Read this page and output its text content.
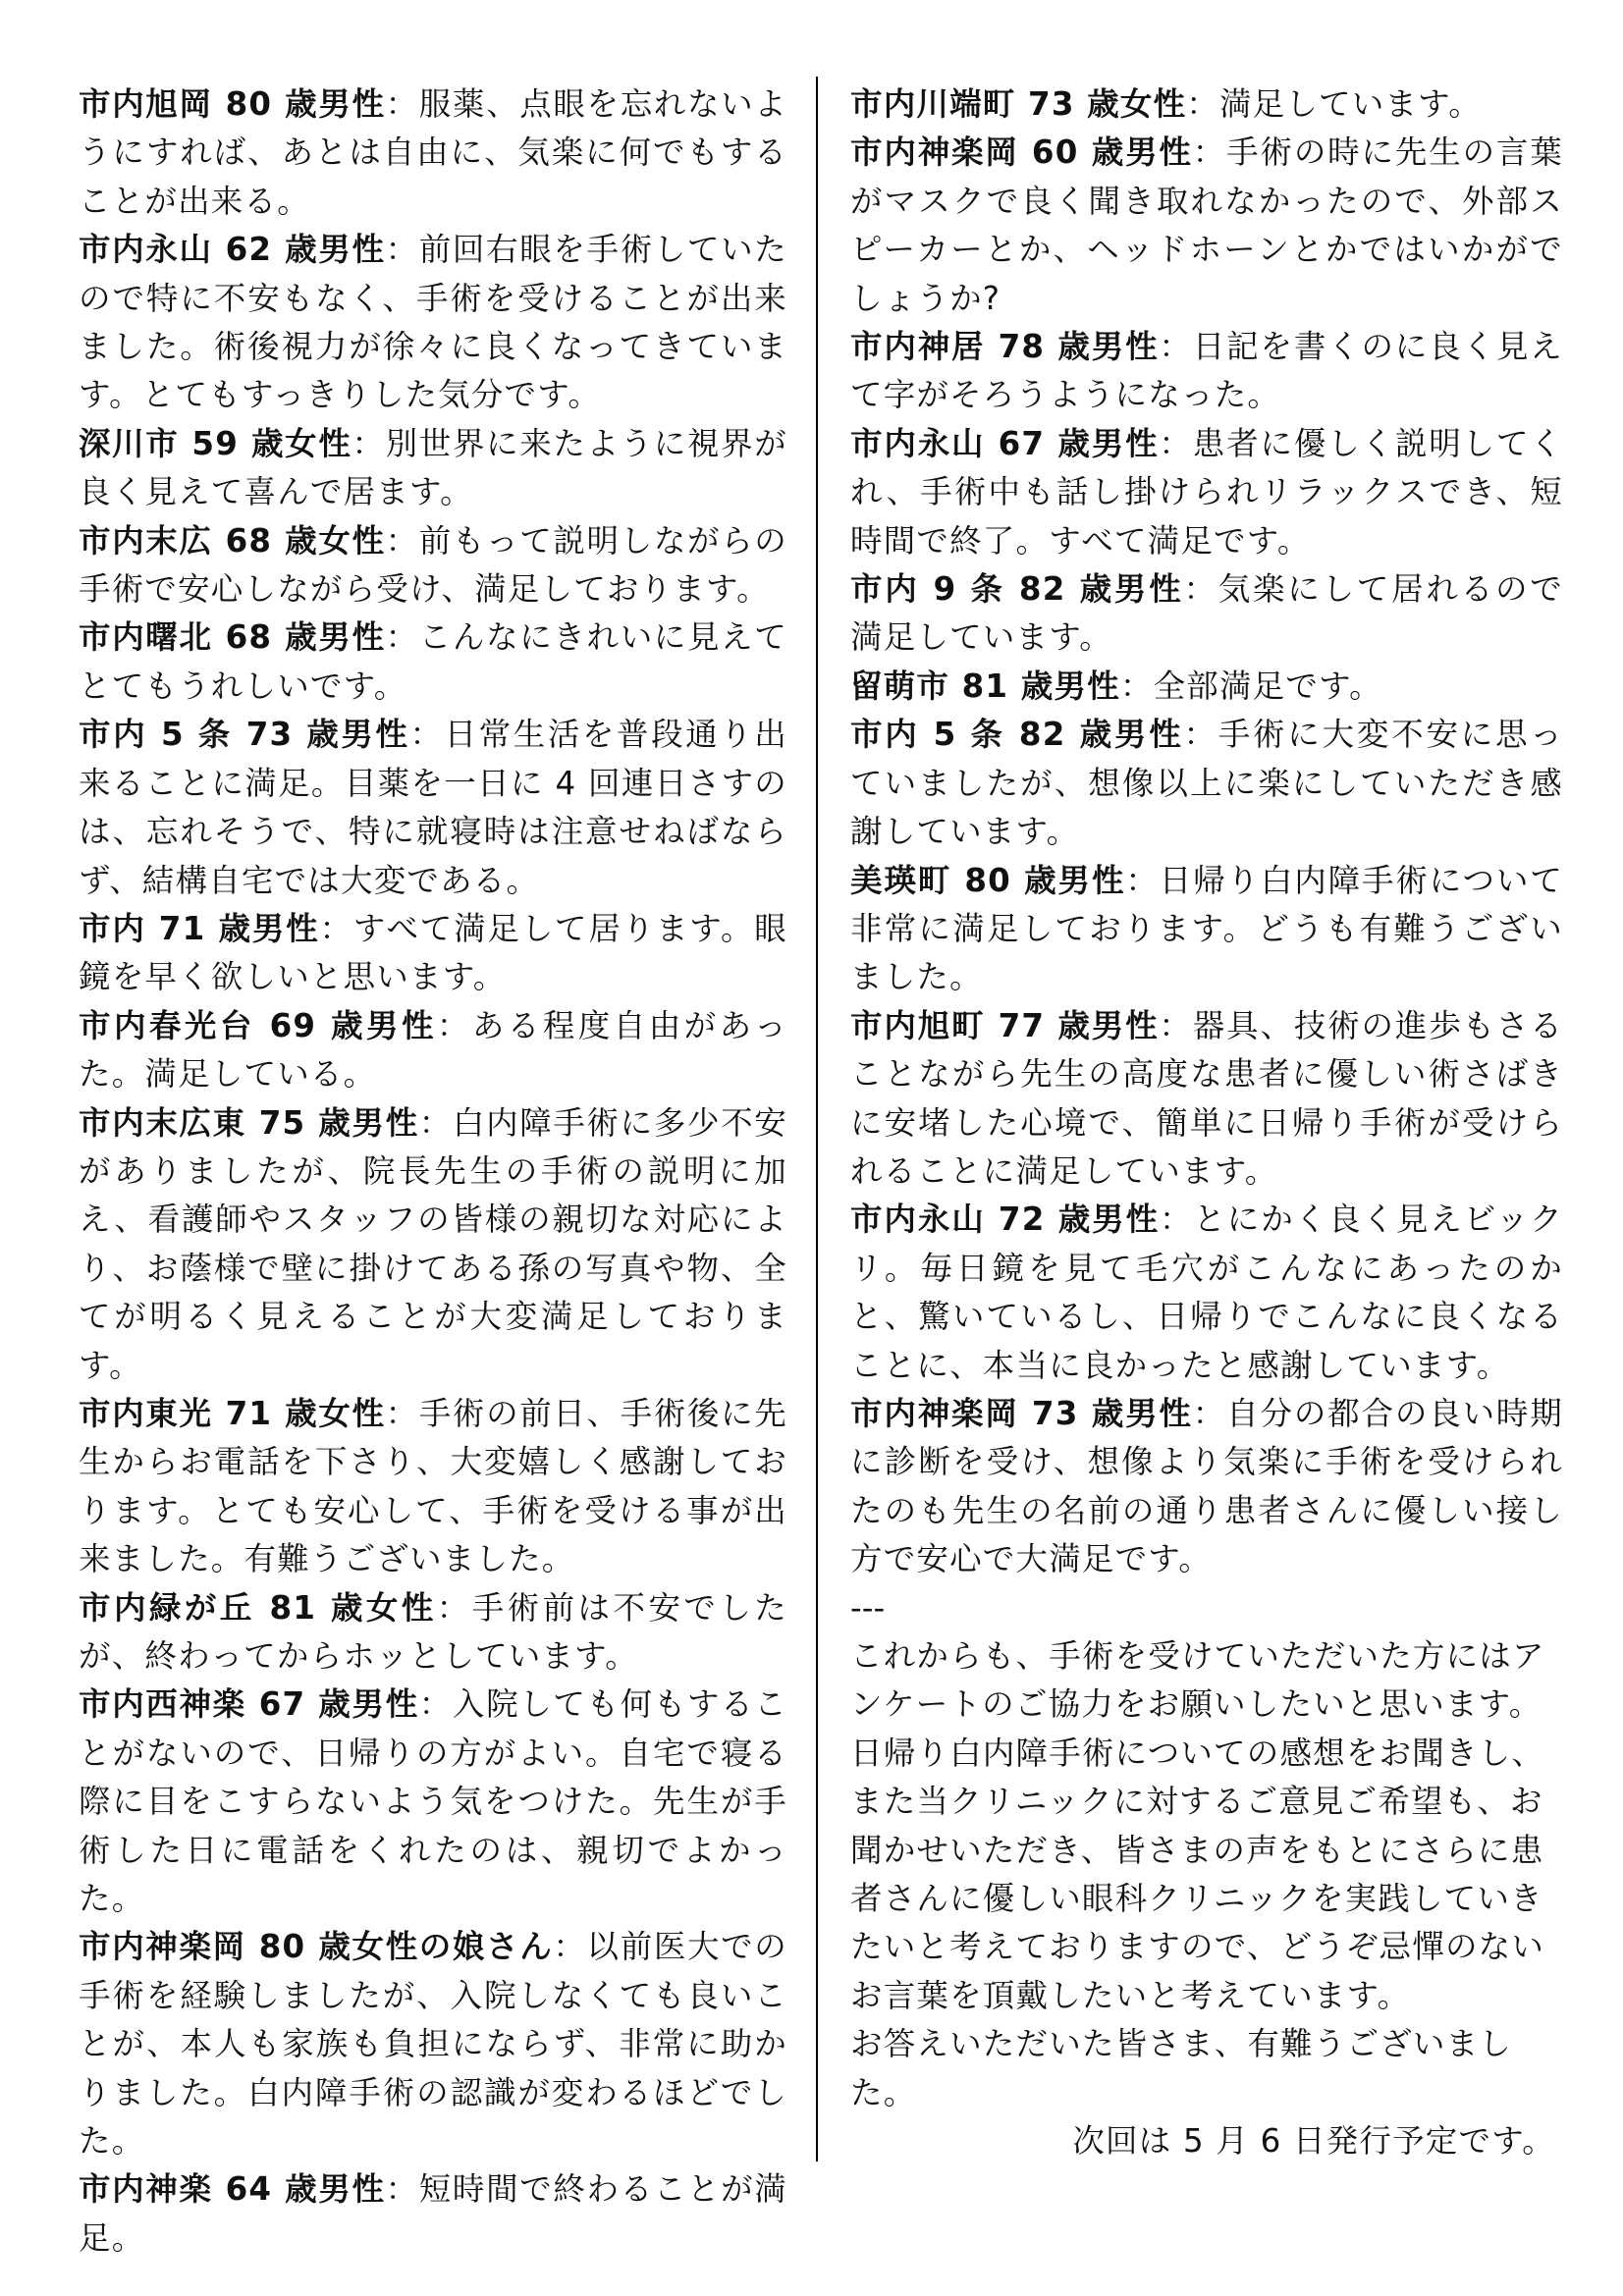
市内旭岡 80 歳男性：服薬、点眼を忘れないようにすれば、あとは自由に、気楽に何でもすることが出来る。

市内永山 62 歳男性：前回右眼を手術していたので特に不安もなく、手術を受けることが出来ました。術後視力が徐々に良くなってきています。とてもすっきりした気分です。

深川市 59 歳女性：別世界に来たように視界が良く見えて喜んで居ます。

市内末広 68 歳女性：前もって説明しながらの手術で安心しながら受け、満足しております。

市内曙北 68 歳男性：こんなにきれいに見えてとてもうれしいです。

市内 5 条 73 歳男性：日常生活を普段通り出来ることに満足。目薬を一日に 4 回連日さすのは、忘れそうで、特に就寝時は注意せねばならず、結構自宅では大変である。

市内 71 歳男性：すべて満足して居ります。眼鏡を早く欲しいと思います。

市内春光台 69 歳男性：ある程度自由があった。満足している。

市内末広東 75 歳男性：白内障手術に多少不安がありましたが、院長先生の手術の説明に加え、看護師やスタッフの皆様の親切な対応により、お蔭様で壁に掛けてある孫の写真や物、全てが明るく見えることが大変満足しております。

市内東光 71 歳女性：手術の前日、手術後に先生からお電話を下さり、大変嬉しく感謝しております。とても安心して、手術を受ける事が出来ました。有難うございました。

市内緑が丘 81 歳女性：手術前は不安でしたが、終わってからホッとしています。

市内西神楽 67 歳男性：入院しても何もすることがないので、日帰りの方がよい。自宅で寝る際に目をこすらないよう気をつけた。先生が手術した日に電話をくれたのは、親切でよかった。

市内神楽岡 80 歳女性の娘さん：以前医大での手術を経験しましたが、入院しなくても良いことが、本人も家族も負担にならず、非常に助かりました。白内障手術の認識が変わるほどでした。

市内神楽 64 歳男性：短時間で終わることが満足。

市内川端町 73 歳女性：満足しています。

市内神楽岡 60 歳男性：手術の時に先生の言葉がマスクで良く聞き取れなかったので、外部スピーカーとか、ヘッドホーンとかではいかがでしょうか?

市内神居 78 歳男性：日記を書くのに良く見えて字がそろうようになった。

市内永山 67 歳男性：患者に優しく説明してくれ、手術中も話し掛けられリラックスでき、短時間で終了。すべて満足です。

市内 9 条 82 歳男性：気楽にして居れるので満足しています。

留萌市 81 歳男性：全部満足です。

市内 5 条 82 歳男性：手術に大変不安に思っていましたが、想像以上に楽にしていただき感謝しています。

美瑛町 80 歳男性：日帰り白内障手術について非常に満足しております。どうも有難うございました。

市内旭町 77 歳男性：器具、技術の進歩もさることながら先生の高度な患者に優しい術さばきに安堵した心境で、簡単に日帰り手術が受けられることに満足しています。

市内永山 72 歳男性：とにかく良く見えビックリ。毎日鏡を見て毛穴がこんなにあったのかと、驚いているし、日帰りでこんなに良くなることに、本当に良かったと感謝しています。

市内神楽岡 73 歳男性：自分の都合の良い時期に診断を受け、想像より気楽に手術を受けられたのも先生の名前の通り患者さんに優しい接し方で安心で大満足です。

---

これからも、手術を受けていただいた方にはアンケートのご協力をお願いしたいと思います。日帰り白内障手術についての感想をお聞きし、また当クリニックに対するご意見ご希望も、お聞かせいただき、皆さまの声をもとにさらに患者さんに優しい眼科クリニックを実践していきたいと考えておりますので、どうぞ忌憚のないお言葉を頂戴したいと考えています。

お答えいただいた皆さま、有難うございました。

次回は 5 月 6 日発行予定です。
